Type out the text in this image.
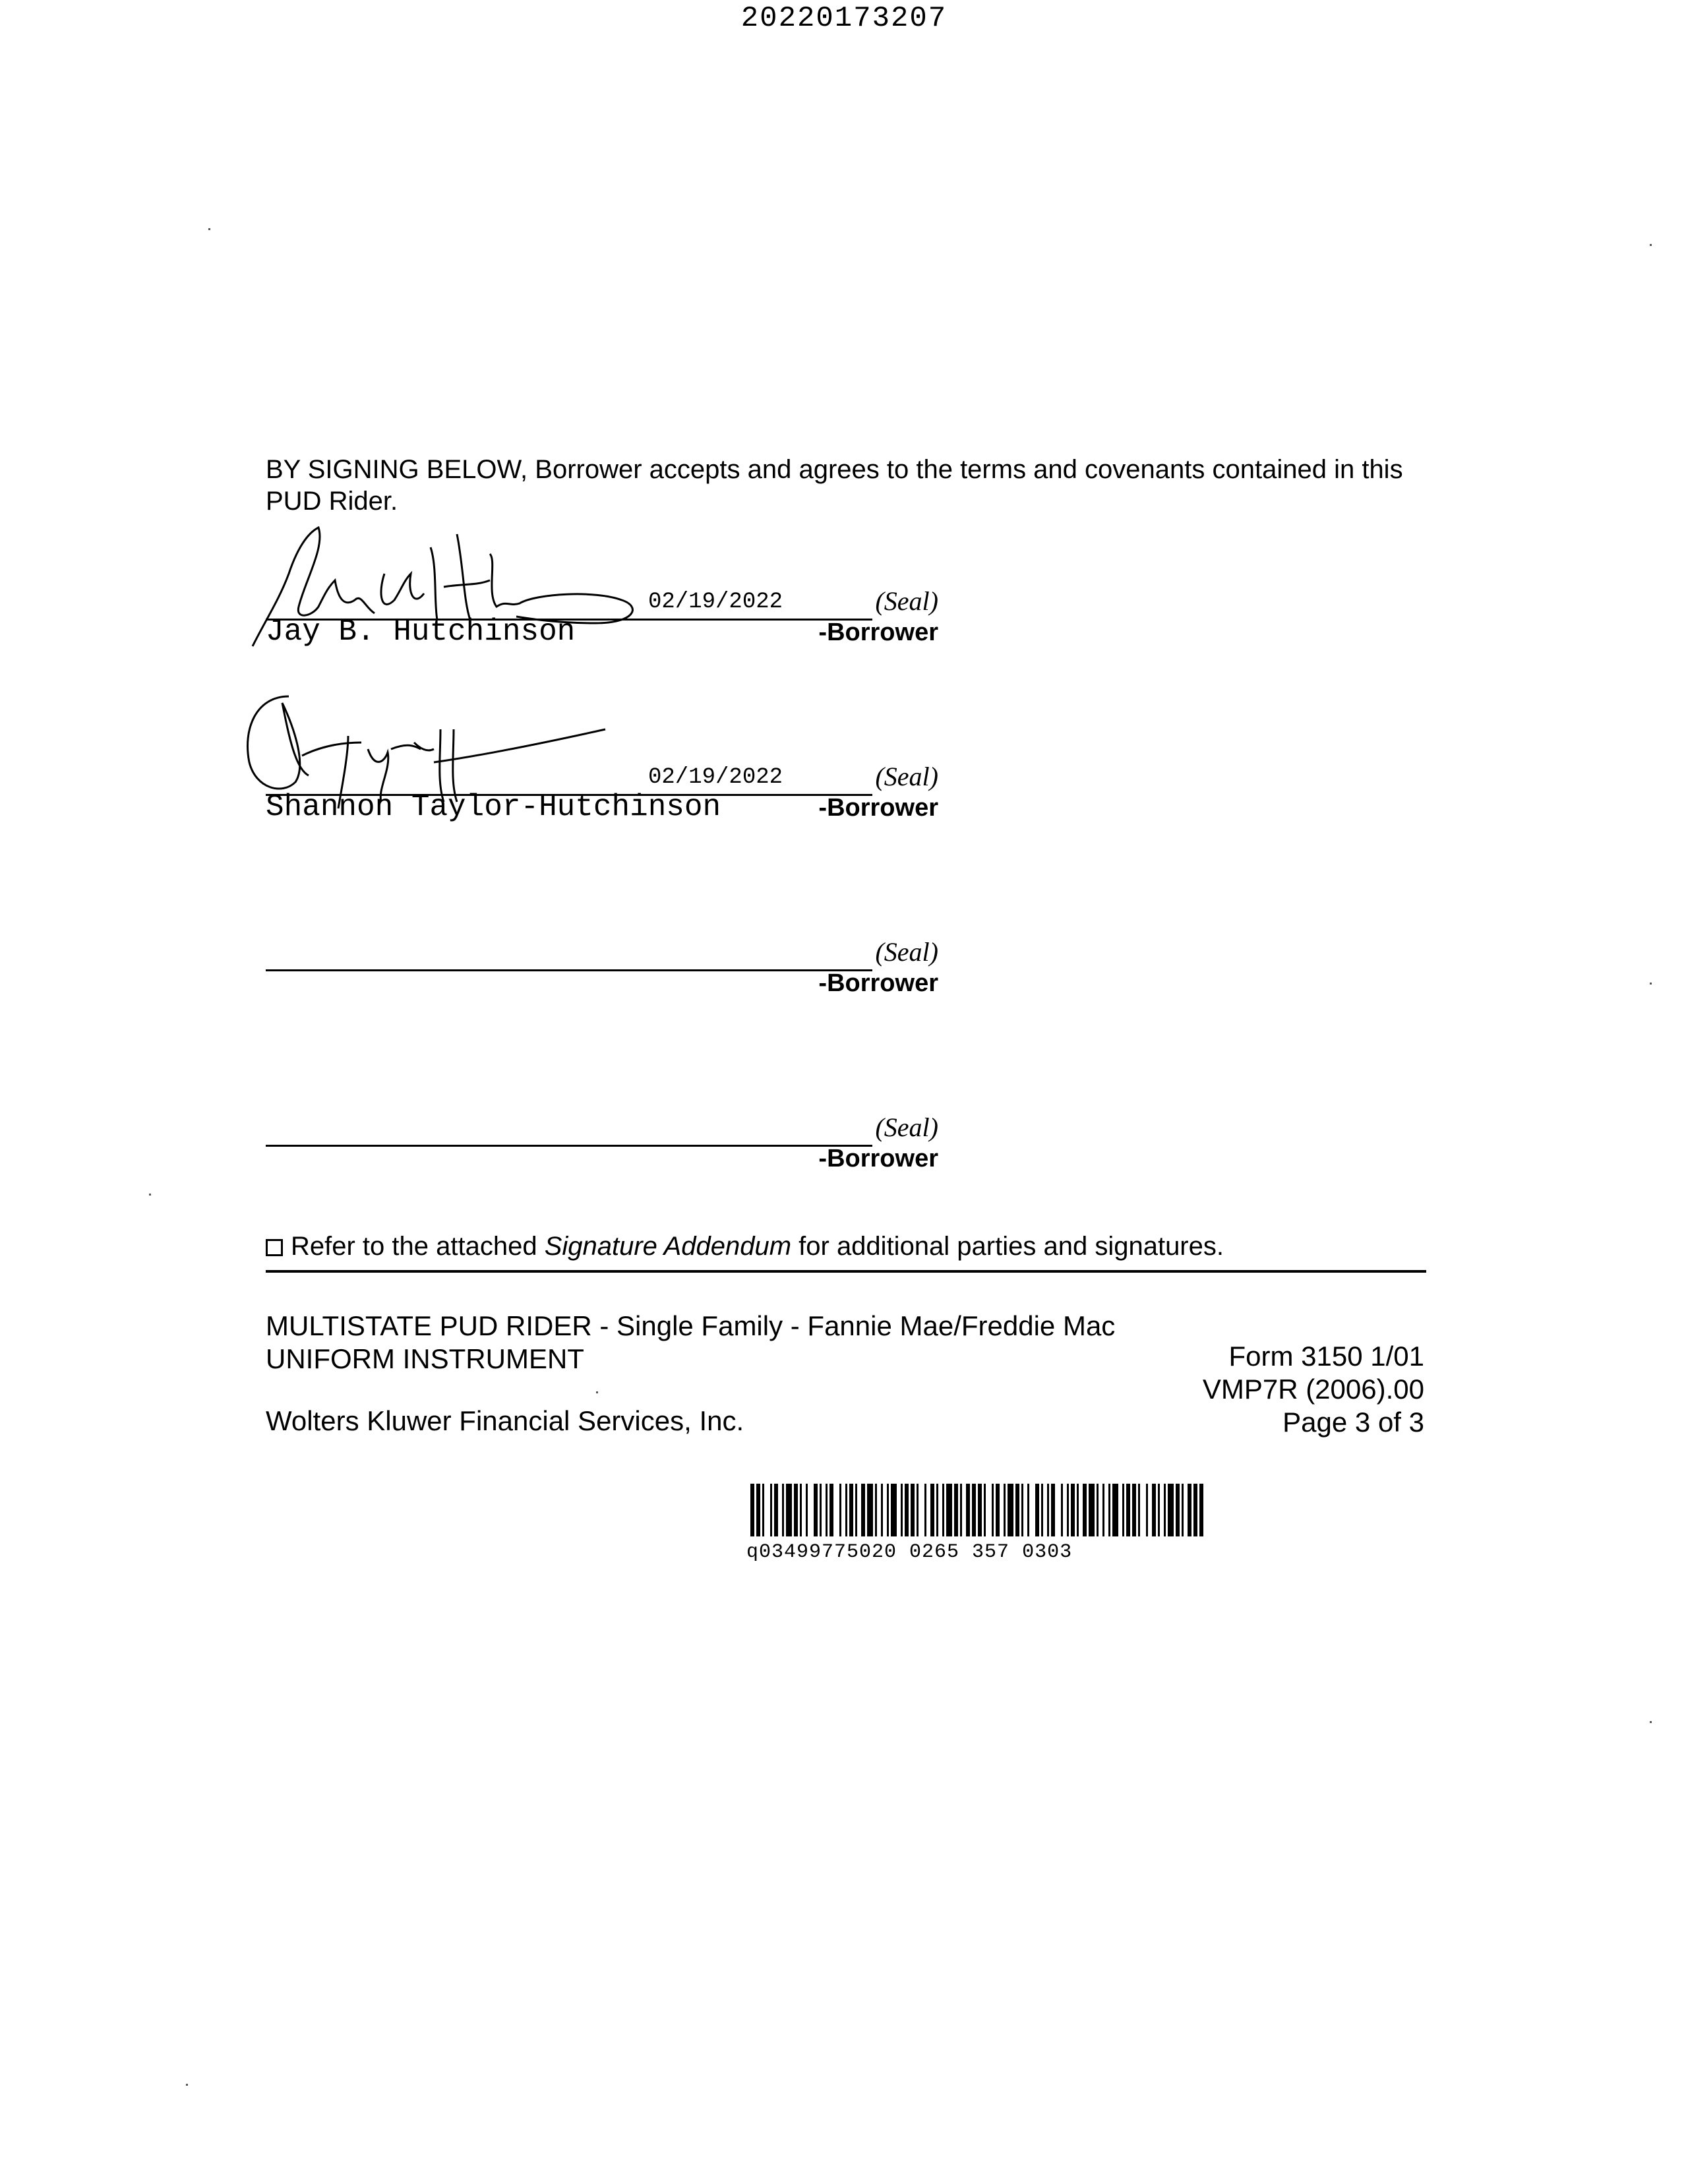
20220173207
BY SIGNING BELOW, Borrower accepts and agrees to the terms and covenants contained in this PUD Rider.
02/19/2022	(Seal)
Jay B. Hutchinson	-Borrower
02/19/2022	(Seal)
Shannon Taylor-Hutchinson	-Borrower
(Seal)
-Borrower
(Seal)
-Borrower
Refer to the attached Signature Addendum for additional parties and signatures.
MULTISTATE PUD RIDER - Single Family - Fannie Mae/Freddie Mac
UNIFORM INSTRUMENT	Form 3150 1/01
VMP7R (2006).00
Page 3 of 3
Wolters Kluwer Financial Services, Inc.
q03499775020 0265 357 0303
